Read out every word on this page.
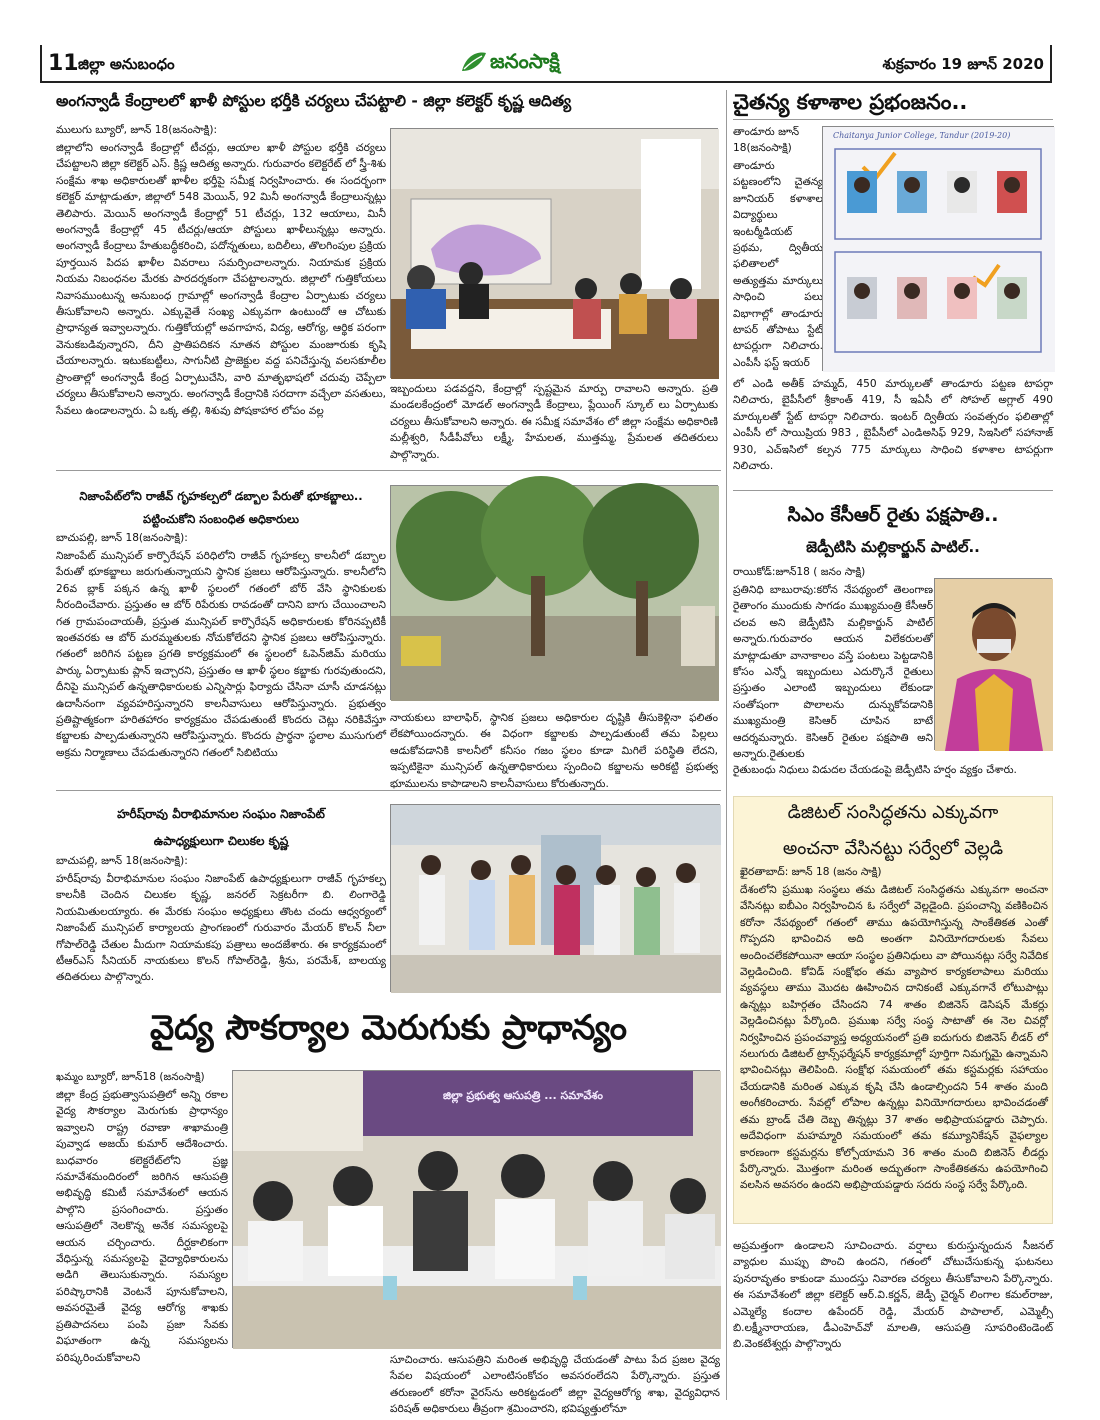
11 జిల్లా అనుబంధం	జనంసాక్షి	శుక్రవారం 19 జూన్ 2020
అంగన్వాడీ కేంద్రాలలో ఖాళీ పోస్టుల భర్తీకి చర్యలు చేపట్టాలి - జిల్లా కలెక్టర్ కృష్ణ ఆదిత్య
ములుగు బ్యూరో, జూన్ 18(జనంసాక్షి):
జిల్లాలోని అంగన్వాడీ కేంద్రాల్లో టీచర్లు, ఆయాల ఖాళీ పోస్టుల భర్తీకి చర్యలు చేపట్టాలని జిల్లా కలెక్టర్ ఎస్. క్రిష్ణ ఆదిత్య అన్నారు. గురువారం కలెక్టరేట్ లో స్త్రీ-శిశు సంక్షేమ శాఖ అధికారులతో ఖాళీల భర్తీపై సమీక్ష నిర్వహించారు. ఈ సందర్భంగా కలెక్టర్ మాట్లాడుతూ, జిల్లాలో 548 మెయిన్, 92 మినీ అంగన్వాడీ కేంద్రాలున్నట్లు తెలిపారు. మెయిన్ అంగన్వాడీ కేంద్రాల్లో 51 టీచర్లు, 132 ఆయాలు, మినీ అంగన్వాడీ కేంద్రాల్లో 45 టీచర్లు/ఆయా పోస్టులు ఖాళీలున్నట్లు అన్నారు. అంగన్వాడీ కేంద్రాలు హేతుబద్ధీకరించి, పదోన్నతులు, బదిలీలు, తొలగింపుల ప్రక్రియ పూర్తయిన పిదప ఖాళీల వివరాలు సమర్పించాలన్నారు. నియామక ప్రక్రియ నియమ నిబంధనల మేరకు పారదర్శకంగా చేపట్టాలన్నారు. జిల్లాలో గుత్తికోయలు నివాసముంటున్న అనుబంధ గ్రామాల్లో అంగన్వాడీ కేంద్రాల ఏర్పాటుకు చర్యలు తీసుకోవాలని అన్నారు. ఎక్కువైతే సంఖ్య ఎక్కువగా ఉంటుందో ఆ చోటుకు ప్రాధాన్యత ఇవ్వాలన్నారు. గుత్తికోయల్లో అవగాహన, విద్య, ఆరోగ్య, ఆర్థిక పరంగా వెనుకబడివున్నారని, దీని ప్రాతిపదికన నూతన పోస్టుల మంజూరుకు కృషి చేయాలన్నారు. ఇటుకబట్టీలు, సాగునీటి ప్రాజెక్టుల వద్ద పనిచేస్తున్న వలసకూలీల ప్రాంతాల్లో అంగన్వాడీ కేంద్ర ఏర్పాటుచేసి, వారి మాతృభాషలో చదువు చెప్పేలా చర్యలు తీసుకోవాలని అన్నారు. అంగన్వాడీ కేంద్రానికి సరదాగా వచ్చేలా వసతులు, సేవలు ఉండాలన్నారు. ఏ ఒక్క తల్లి, శిశువు పోషకాహార లోపం వల్ల
ఇబ్బందులు పడవద్దని, కేంద్రాల్లో స్పష్టమైన మార్పు రావాలని అన్నారు. ప్రతి మండలకేంద్రంలో మోడల్ అంగన్వాడీ కేంద్రాలు, ప్లేయింగ్ స్కూల్ లు ఏర్పాటుకు చర్యలు తీసుకోవాలని అన్నారు. ఈ సమీక్ష సమావేశం లో జిల్లా సంక్షేమ అధికారిణి మల్లీశ్వరి, సీడీపీవోలు లక్ష్మీ, హేమలత, ముత్తమ్మ, ప్రేమలత తదితరులు పాల్గొన్నారు.
నిజాంపేట్‌లోని రాజీవ్ గృహకల్పలో డబ్బాల పేరుతో భూకబ్జాలు..
పట్టించుకోని సంబంధిత అధికారులు
బాచుపల్లి, జూన్ 18(జనంసాక్షి):
నిజాంపేట్ మున్సిపల్ కార్పొరేషన్ పరిధిలోని రాజీవ్ గృహకల్ప కాలనీలో డబ్బాల పేరుతో భూకబ్జాలు జరుగుతున్నాయని స్థానిక ప్రజలు ఆరోపిస్తున్నారు. కాలనీలోని 26వ బ్లాక్ పక్కన ఉన్న ఖాళీ స్థలంలో గతంలో బోర్ వేసి స్థానికులకు నీరందించేవారు. ప్రస్తుతం ఆ బోర్ రిపేరుకు రావడంతో దానిని బాగు చేయించాలని గత గ్రామపంచాయతీ, ప్రస్తుత మున్సిపల్ కార్పొరేషన్ అధికారులకు కోరినప్పటికీ ఇంతవరకు ఆ బోర్ మరమ్మతులకు నోచుకోలేదని స్థానిక ప్రజలు ఆరోపిస్తున్నారు. గతంలో జరిగిన పట్టణ ప్రగతి కార్యక్రమంలో ఈ స్థలంలో ఓపెన్‌జిమ్ మరియు పార్కు ఏర్పాటుకు ప్లాన్ ఇచ్చారని, ప్రస్తుతం ఆ ఖాళీ స్థలం కబ్జాకు గురవుతుందని, దీనిపై మున్సిపల్ ఉన్నతాధికారులకు ఎన్నిసార్లు ఫిర్యాదు చేసినా చూసీ చూడనట్లు ఉదాసీనంగా వ్యవహరిస్తున్నారని కాలనీవాసులు ఆరోపిస్తున్నారు. ప్రభుత్వం ప్రతిష్టాత్మకంగా హరితహారం కార్యక్రమం చేపడుతుంటే కొందరు చెట్లు నరికివేస్తూ కబ్జాలకు పాల్పడుతున్నారని ఆరోపిస్తున్నారు. కొందరు ప్రార్థనా స్థలాల ముసుగులో అక్రమ నిర్మాణాలు చేపడుతున్నారని గతంలో సిబిటియు
నాయకులు బాలాఫిర్, స్థానిక ప్రజలు అధికారుల దృష్టికి తీసుకెళ్లినా ఫలితం లేకపోయిందన్నారు. ఈ విధంగా కబ్జాలకు పాల్పడుతుంటే తమ పిల్లలు ఆడుకోవడానికి కాలనీలో కనీసం గజం స్థలం కూడా మిగిలే పరిస్థితి లేదని, ఇప్పటికైనా మున్సిపల్ ఉన్నతాధికారులు స్పందించి కబ్జాలను అరికట్టి ప్రభుత్వ భూములను కాపాడాలని కాలనీవాసులు కోరుతున్నారు.
హరీష్‌రావు వీరాభిమానుల సంఘం నిజాంపేట్
ఉపాధ్యక్షులుగా చిలుకల కృష్ణ
బాచుపల్లి, జూన్ 18(జనంసాక్షి):
హరీష్‌రావు వీరాభిమానుల సంఘం నిజాంపేట్ ఉపాధ్యక్షులుగా రాజీవ్ గృహకల్ప కాలనీకి చెందిన చిలుకల కృష్ణ, జనరల్ సెక్రటరీగా బి. లింగారెడ్డి నియమితులయ్యారు. ఈ మేరకు సంఘం అధ్యక్షులు తొంట చందు ఆధ్వర్యంలో నిజాంపేట్ మున్సిపల్ కార్యాలయ ప్రాంగణంలో గురువారం మేయర్ కొలన్ నీలా గోపాల్‌రెడ్డి చేతుల మీదుగా నియామకపు పత్రాలు అందజేశారు. ఈ కార్యక్రమంలో టీఆర్ఎస్ సీనియర్ నాయకులు కొలన్ గోపాల్‌రెడ్డి, శ్రీను, పరమేశ్, బాలయ్య తదితరులు పాల్గొన్నారు.
వైద్య సౌకర్యాల మెరుగుకు ప్రాధాన్యం
ఖమ్మం బ్యూరో, జూన్18 (జనంసాక్షి)
జిల్లా కేంద్ర ప్రభుత్వాసుపత్రిలో అన్ని రకాల వైద్య సౌకర్యాల మెరుగుకు ప్రాధాన్యం ఇవ్వాలని రాష్ట్ర రవాణా శాఖామంత్రి పువ్వాడ అజయ్ కుమార్ ఆదేశించారు. బుధవారం కలెక్టరేట్‌లోని ప్రజ్ఞ సమావేశమందిరంలో జరిగిన ఆసుపత్రి అభివృద్ధి కమిటీ సమావేశంలో ఆయన పాల్గొని ప్రసంగించారు. ప్రస్తుతం ఆసుపత్రిలో నెలకొన్న అనేక సమస్యలపై ఆయన చర్చించారు. దీర్ఘకాలికంగా వేధిస్తున్న సమస్యలపై వైద్యాధికారులను అడిగి తెలుసుకున్నారు. సమస్యల పరిష్కారానికి వెంటనే పూనుకోవాలని, అవసరమైతే వైద్య ఆరోగ్య శాఖకు ప్రతిపాదనలు పంపి ప్రజా సేవకు విఘాతంగా ఉన్న సమస్యలను పరిష్కరించుకోవాలని
జిల్లా ప్రభుత్వ ఆసుపత్రి ... సమావేశం
సూచించారు. ఆసుపత్రిని మరింత అభివృద్ధి చేయడంతో పాటు పేద ప్రజల వైద్య సేవల విషయంలో ఎలాంటిసంకోచం అవసరంలేదని పేర్కొన్నారు. ప్రస్తుత తరుణంలో కరోనా వైరస్‌ను అరికట్టడంలో జిల్లా వైద్యఆరోగ్య శాఖ, వైద్యవిధాన పరిషత్ అధికారులు తీవ్రంగా శ్రమించారని, భవిష్యత్తులోనూ
అప్రమత్తంగా ఉండాలని సూచించారు. వర్షాలు కురుస్తున్నందున సీజనల్ వ్యాధుల ముప్పు పొంచి ఉందని, గతంలో చోటుచేసుకున్న ఘటనలు పునరావృతం కాకుండా ముందస్తు నివారణ చర్యలు తీసుకోవాలని పేర్కొన్నారు. ఈ సమావేశంలో జిల్లా కలెక్టర్ ఆర్.వి.కర్ణన్, జెడ్పీ చైర్మన్ లింగాల కమల్‌రాజు, ఎమ్మెల్యే కందాల ఉపేందర్ రెడ్డి, మేయర్ పాపాలాల్, ఎమ్మెల్సీ బి.లక్ష్మీనారాయణ, డీఎంహెచ్‌వో మాలతి, ఆసుపత్రి సూపరింటెండెంట్ బి.వెంకటేశ్వర్లు పాల్గొన్నారు
చైతన్య కళాశాల ప్రభంజనం..
తాండూరు జూన్ 18(జనంసాక్షి)
తాండూరు పట్టణంలోని చైతన్య జూనియర్ కళాశాల విద్యార్థులు ఇంటర్మీడియట్ ప్రథమ, ద్వితీయ ఫలితాలలో అత్యుత్తమ మార్కులు సాధించి పలు విభాగాల్లో తాండూరు టాపర్ తోపాటు స్టేట్ టాపర్లుగా నిలిచారు. ఎంపీసీ ఫస్ట్ ఇయర్
Chaitanya Junior College, Tandur (2019-20)
లో ఎండి అతీక్ హమ్మద్, 450 మార్కులతో తాండూరు పట్టణ టాపర్గా నిలిచారు, బైపీసీలో శ్రీకాంత్ 419, సీ ఇఏసీ లో సోహల్ అగ్లాల్ 490 మార్కులతో స్టేట్ టాపర్గా నిలిచారు. ఇంటర్ ద్వితీయ సంవత్సరం ఫలితాల్లో ఎంపీసీ లో సాయిప్రియ 983 , బైపీసీలో ఎండిఅసిఫ్ 929, సిఇసిలో సహానాజ్ 930, ఎచ్ఇసిలో కల్పన 775 మార్కులు సాధించి కళాశాల టాపర్లుగా నిలిచారు.
సిఎం కేసీఆర్ రైతు పక్షపాతి..
జెడ్పీటిసి మల్లికార్జున్ పాటిల్..
రాయికోడ్:జూన్18 ( జనం సాక్షి)
ప్రతినిధి బాబురావు:కరోన నేపథ్యంలో తెలంగాణ రైతాంగం ముందుకు సాగడం ముఖ్యమంత్రి కేసీఆర్ చలవ అని జెడ్పీటిసి మల్లికార్జున్ పాటిల్ అన్నారు.గురువారం ఆయన విలేకరులతో మాట్లాడుతూ వానాకాలం వస్తే పంటలు పెట్టడానికి కోసం ఎన్నో ఇబ్బందులు ఎదుర్కొనే రైతులు ప్రస్తుతం ఎలాంటి ఇబ్బందులు లేకుండా సంతోషంగా పొలాలను దున్నుకోవడానికి ముఖ్యమంత్రి కెసిఆర్ చూపిన బాటే ఆదర్శమన్నారు. కెసిఆర్ రైతుల పక్షపాతి అని అన్నారు.రైతులకు
రైతుబంధు నిధులు విడుదల చేయడంపై జెడ్పీటిసి హర్షం వ్యక్తం చేశారు.
డిజిటల్ సంసిద్ధతను ఎక్కువగా
అంచనా వేసినట్టు సర్వేలో వెల్లడి
ఖైరతాబాద్: జూన్ 18 (జనం సాక్షి)
దేశంలోని ప్రముఖ సంస్థలు తమ డిజిటల్ సంసిద్ధతను ఎక్కువగా అంచనా వేసినట్లు ఐబీఎం నిర్వహించిన ఓ సర్వేలో వెల్లడైంది. ప్రపంచాన్ని వణికించిన కరోనా నేపథ్యంలో గతంలో తాము ఉపయోగిస్తున్న సాంకేతికత ఎంతో గొప్పదని భావించిన అది అంతగా వినియోగదారులకు సేవలు అందించలేకపోయినా ఆయా సంస్థల ప్రతినిధులు వా పోయినట్లు సర్వే నివేదిక వెల్లడించింది. కోవిడ్ సంక్షోభం తమ వ్యాపార కార్యకలాపాలు మరియు వ్యవస్థలు తాము మొదట ఊహించిన దానికంటే ఎక్కువగానే లోటుపాట్లు ఉన్నట్లు బహిర్గతం చేసిందని 74 శాతం బిజినెస్ డెసిషన్ మేకర్లు వెల్లడించినట్లు పేర్కొంది. ప్రముఖ సర్వే సంస్థ సాటాతో ఈ నెల చివర్లో నిర్వహించిన ప్రపంచవ్యాప్త అధ్యయనంలో ప్రతి ఐదుగురు బిజినెస్ లీడర్ లో నలుగురు డిజిటల్ ట్రాన్స్‌ఫర్మేషన్ కార్యక్రమాల్లో పూర్తిగా నిమగ్నమై ఉన్నామని భావించినట్లు తెలిపింది. సంక్షోభ సమయంలో తమ కస్టమర్లకు సహాయం చేయడానికి మరింత ఎక్కువ కృషి చేసి ఉండాల్సిందని 54 శాతం మంది అంగీకరించారు. సేవల్లో లోపాల ఉన్నట్లు వినియోగదారులు భావించడంతో తమ బ్రాండ్ చేతి దెబ్బ తిన్నట్లు 37 శాతం అభిప్రాయపడ్డారు చెప్పారు. అదేవిధంగా మహమ్మారి సమయంలో తమ కమ్యూనికేషన్ వైఫల్యాల కారణంగా కస్టమర్లను కోల్పోయామని 36 శాతం మంది బిజినెస్ లీడర్లు పేర్కొన్నారు. మొత్తంగా మరింత అద్భుతంగా సాంకేతికతను ఉపయోగించి వలసిన అవసరం ఉందని అభిప్రాయపడ్డారు సదరు సంస్థ సర్వే పేర్కొంది.
